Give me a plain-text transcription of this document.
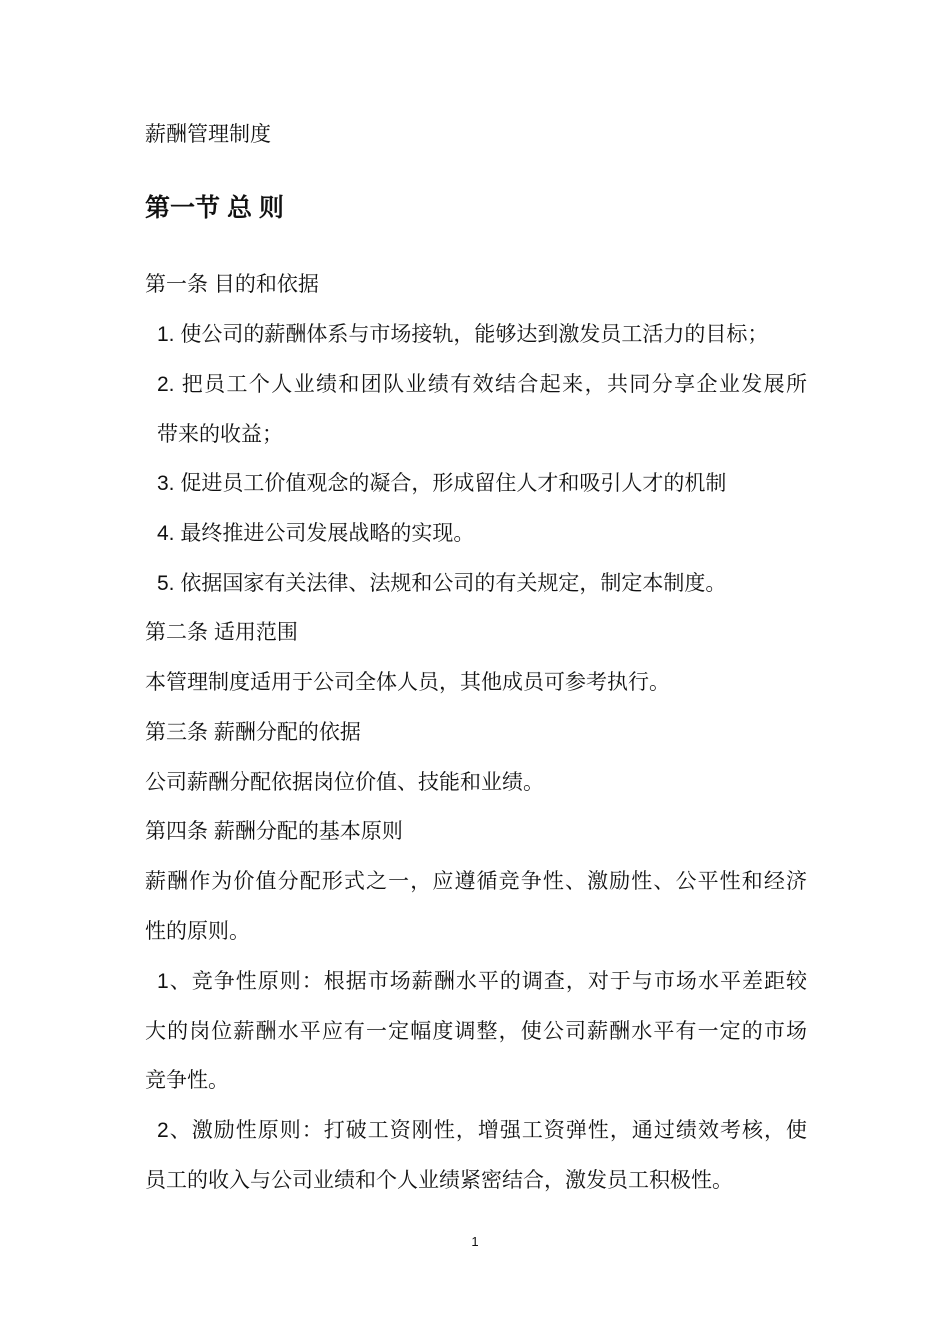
薪酬管理制度
第一节 总 则
第一条 目的和依据
1. 使公司的薪酬体系与市场接轨，能够达到激发员工活力的目标；
2. 把员工个人业绩和团队业绩有效结合起来，共同分享企业发展所
带来的收益；
3. 促进员工价值观念的凝合，形成留住人才和吸引人才的机制
4. 最终推进公司发展战略的实现。
5. 依据国家有关法律、法规和公司的有关规定，制定本制度。
第二条 适用范围
本管理制度适用于公司全体人员，其他成员可参考执行。
第三条 薪酬分配的依据
公司薪酬分配依据岗位价值、技能和业绩。
第四条 薪酬分配的基本原则
薪酬作为价值分配形式之一，应遵循竞争性、激励性、公平性和经济
性的原则。
1、竞争性原则：根据市场薪酬水平的调查，对于与市场水平差距较
大的岗位薪酬水平应有一定幅度调整，使公司薪酬水平有一定的市场
竞争性。
2、激励性原则：打破工资刚性，增强工资弹性，通过绩效考核，使
员工的收入与公司业绩和个人业绩紧密结合，激发员工积极性。
1
